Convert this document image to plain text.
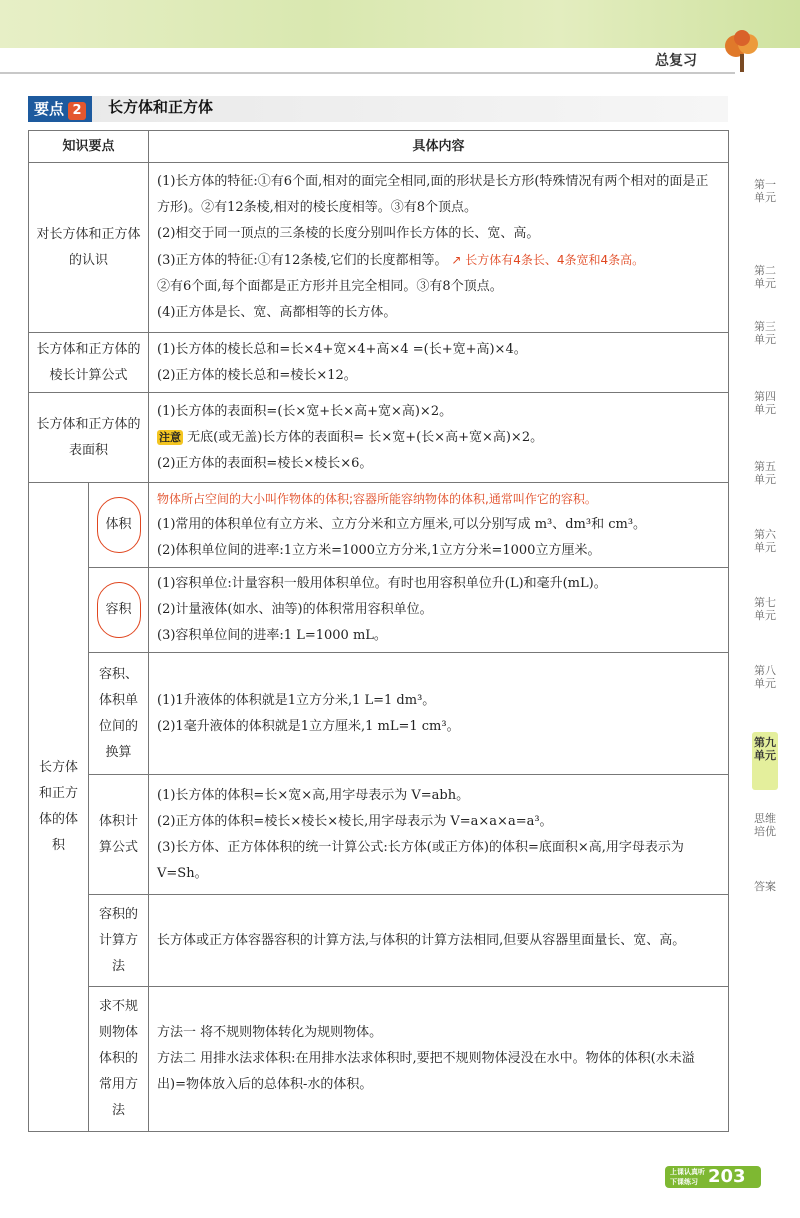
总复习
要点 2	长方体和正方体
知识要点		具体内容
对长方体和正方体的认识		(1)长方体的特征:①有6个面,相对的面完全相同,面的形状是长方形(特殊情况有两个相对的面是正方形)。②有12条棱,相对的棱长度相等。③有8个顶点。

(2)相交于同一顶点的三条棱的长度分别叫作长方体的长、宽、高。

(3)正方体的特征:①有12条棱,它们的长度都相等。 ↗ 长方体有4条长、4条宽和4条高。

②有6个面,每个面都是正方形并且完全相同。③有8个顶点。

(4)正方体是长、宽、高都相等的长方体。

长方体和正方体的棱长计算公式		(1)长方体的棱长总和=长×4+宽×4+高×4 =(长+宽+高)×4。

(2)正方体的棱长总和=棱长×12。

长方体和正方体的表面积		(1)长方体的表面积=(长×宽+长×高+宽×高)×2。

注意 无底(或无盖)长方体的表面积= 长×宽+(长×高+宽×高)×2。

(2)正方体的表面积=棱长×棱长×6。

长方体和正方体的体积	体积	物体所占空间的大小叫作物体的体积;容器所能容纳物体的体积,通常叫作它的容积。

(1)常用的体积单位有立方米、立方分米和立方厘米,可以分别写成 m³、dm³和 cm³。

(2)体积单位间的进率:1立方米=1000立方分米,1立方分米=1000立方厘米。

	容积	(1)容积单位:计量容积一般用体积单位。有时也用容积单位升(L)和毫升(mL)。

(2)计量液体(如水、油等)的体积常用容积单位。

(3)容积单位间的进率:1 L=1000 mL。

	容积、体积单位间的换算	(1)1升液体的体积就是1立方分米,1 L=1 dm³。

(2)1毫升液体的体积就是1立方厘米,1 mL=1 cm³。

	体积计算公式	(1)长方体的体积=长×宽×高,用字母表示为 V=abh。

(2)正方体的体积=棱长×棱长×棱长,用字母表示为 V=a×a×a=a³。

(3)长方体、正方体体积的统一计算公式:长方体(或正方体)的体积=底面积×高,用字母表示为 V=Sh。

	容积的计算方法	长方体或正方体容器容积的计算方法,与体积的计算方法相同,但要从容器里面量长、宽、高。

	求不规则物体体积的常用方法	方法一 将不规则物体转化为规则物体。

方法二 用排水法求体积:在用排水法求体积时,要把不规则物体浸没在水中。物体的体积(水未溢出)=物体放入后的总体积-水的体积。

第一单元
第二单元
第三单元
第四单元
第五单元
第六单元
第七单元
第八单元
第九单元
思维培优
答案
上课认真听
下课练习 203
